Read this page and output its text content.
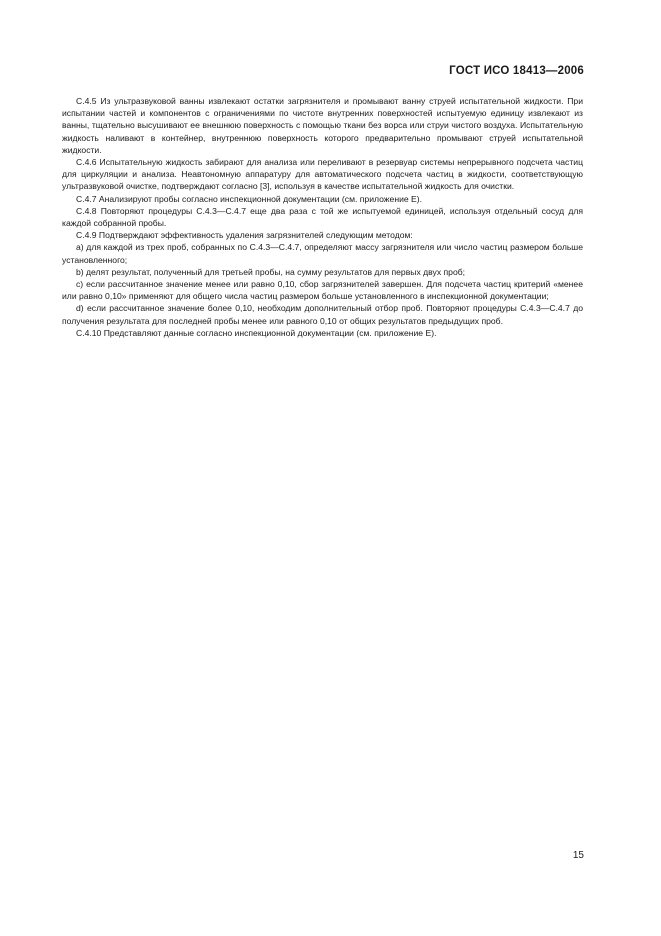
ГОСТ ИСО 18413—2006

С.4.5 Из ультразвуковой ванны извлекают остатки загрязнителя и промывают ванну струей испытательной жидкости. При испытании частей и компонентов с ограничениями по чистоте внутренних поверхностей испытуемую единицу извлекают из ванны, тщательно высушивают ее внешнюю поверхность с помощью ткани без ворса или струи чистого воздуха. Испытательную жидкость наливают в контейнер, внутреннюю поверхность которого предварительно промывают струей испытательной жидкости.

С.4.6 Испытательную жидкость забирают для анализа или переливают в резервуар системы непрерывного подсчета частиц для циркуляции и анализа. Неавтономную аппаратуру для автоматического подсчета частиц в жидкости, соответствующую ультразвуковой очистке, подтверждают согласно [3], используя в качестве испытательной жидкость для очистки.

С.4.7 Анализируют пробы согласно инспекционной документации (см. приложение Е).

С.4.8 Повторяют процедуры С.4.3—С.4.7 еще два раза с той же испытуемой единицей, используя отдельный сосуд для каждой собранной пробы.

С.4.9 Подтверждают эффективность удаления загрязнителей следующим методом:

a) для каждой из трех проб, собранных по С.4.3—С.4.7, определяют массу загрязнителя или число частиц размером больше установленного;

b) делят результат, полученный для третьей пробы, на сумму результатов для первых двух проб;

c) если рассчитанное значение менее или равно 0,10, сбор загрязнителей завершен. Для подсчета частиц критерий «менее или равно 0,10» применяют для общего числа частиц размером больше установленного в инспекционной документации;

d) если рассчитанное значение более 0,10, необходим дополнительный отбор проб. Повторяют процедуры С.4.3—С.4.7 до получения результата для последней пробы менее или равного 0,10 от общих результатов предыдущих проб.

С.4.10 Представляют данные согласно инспекционной документации (см. приложение Е).

15
